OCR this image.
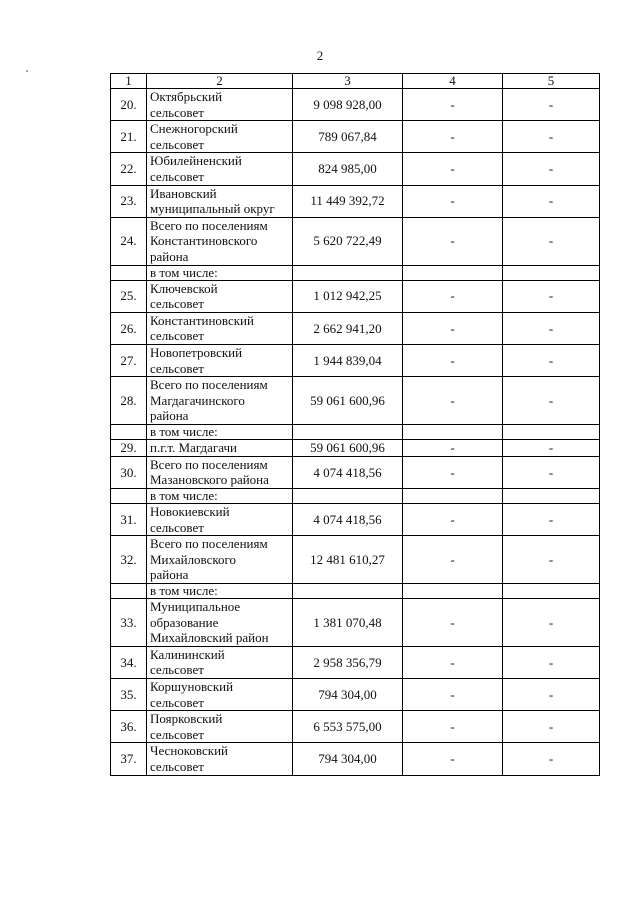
2
1	2	3	4	5
20.	Октябрьский
сельсовет	9 098 928,00	-	-
21.	Снежногорский
сельсовет	789 067,84	-	-
22.	Юбилейненский
сельсовет	824 985,00	-	-
23.	Ивановский
муниципальный округ	11 449 392,72	-	-
24.	Всего по поселениям
Константиновского
района	5 620 722,49	-	-
	в том числе:			
25.	Ключевской
сельсовет	1 012 942,25	-	-
26.	Константиновский
сельсовет	2 662 941,20	-	-
27.	Новопетровский
сельсовет	1 944 839,04	-	-
28.	Всего по поселениям
Магдагачинского
района	59 061 600,96	-	-
	в том числе:			
29.	п.г.т. Магдагачи	59 061 600,96	-	-
30.	Всего по поселениям
Мазановского района	4 074 418,56	-	-
	в том числе:			
31.	Новокиевский
сельсовет	4 074 418,56	-	-
32.	Всего по поселениям
Михайловского
района	12 481 610,27	-	-
	в том числе:			
33.	Муниципальное
образование
Михайловский район	1 381 070,48	-	-
34.	Калининский
сельсовет	2 958 356,79	-	-
35.	Коршуновский
сельсовет	794 304,00	-	-
36.	Поярковский
сельсовет	6 553 575,00	-	-
37.	Чесноковский
сельсовет	794 304,00	-	-
